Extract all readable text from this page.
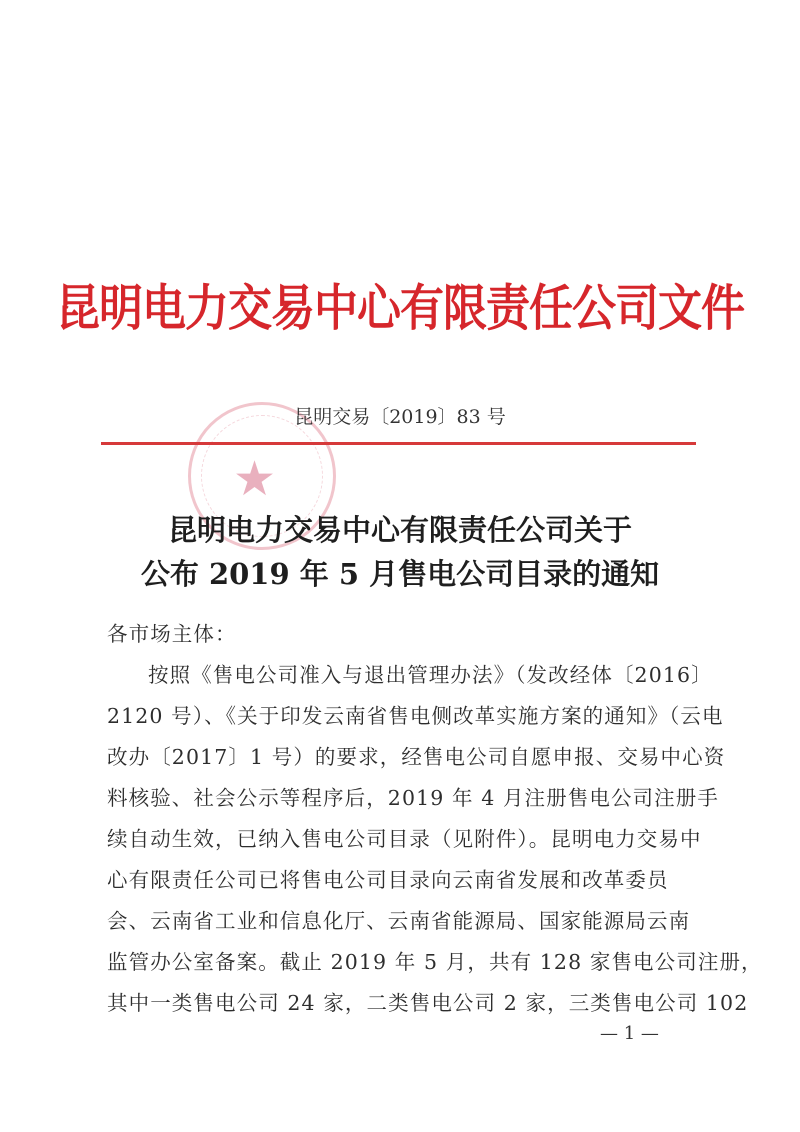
昆明电力交易中心有限责任公司文件
★
昆明交易〔2019〕83 号
昆明电力交易中心有限责任公司关于
公布 2019 年 5 月售电公司目录的通知
各市场主体：
按照《售电公司准入与退出管理办法》（发改经体〔2016〕
2120 号）、《关于印发云南省售电侧改革实施方案的通知》（云电
改办〔2017〕1 号）的要求，经售电公司自愿申报、交易中心资
料核验、社会公示等程序后，2019 年 4 月注册售电公司注册手
续自动生效，已纳入售电公司目录（见附件）。昆明电力交易中
心有限责任公司已将售电公司目录向云南省发展和改革委员
会、云南省工业和信息化厅、云南省能源局、国家能源局云南
监管办公室备案。截止 2019 年 5 月，共有 128 家售电公司注册，
其中一类售电公司 24 家，二类售电公司 2 家，三类售电公司 102
— 1 —
